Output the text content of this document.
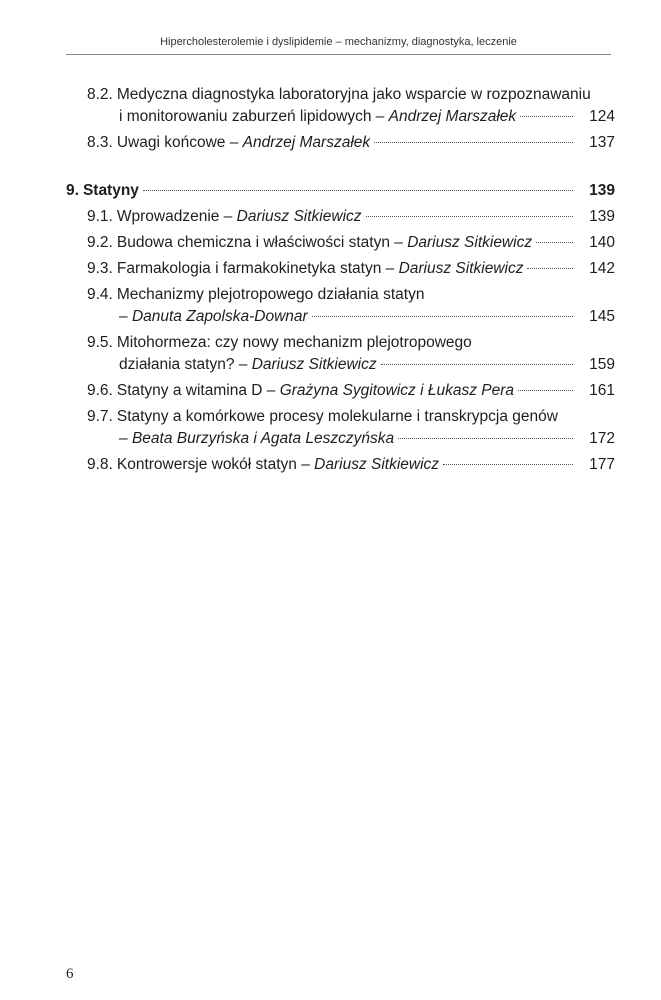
Hipercholesterolemie i dyslipidemie – mechanizmy, diagnostyka, leczenie
8.2. Medyczna diagnostyka laboratoryjna jako wsparcie w rozpoznawaniu
i monitorowaniu zaburzeń lipidowych – Andrzej Marszałek	124
8.3. Uwagi końcowe – Andrzej Marszałek	137
9. Statyny	139
9.1. Wprowadzenie – Dariusz Sitkiewicz	139
9.2. Budowa chemiczna i właściwości statyn – Dariusz Sitkiewicz	140
9.3. Farmakologia i farmakokinetyka statyn – Dariusz Sitkiewicz	142
9.4. Mechanizmy plejotropowego działania statyn
– Danuta Zapolska-Downar	145
9.5. Mitohormeza: czy nowy mechanizm plejotropowego
działania statyn? – Dariusz Sitkiewicz	159
9.6. Statyny a witamina D – Grażyna Sygitowicz i Łukasz Pera	161
9.7. Statyny a komórkowe procesy molekularne i transkrypcja genów
– Beata Burzyńska i Agata Leszczyńska	172
9.8. Kontrowersje wokół statyn – Dariusz Sitkiewicz	177
6
